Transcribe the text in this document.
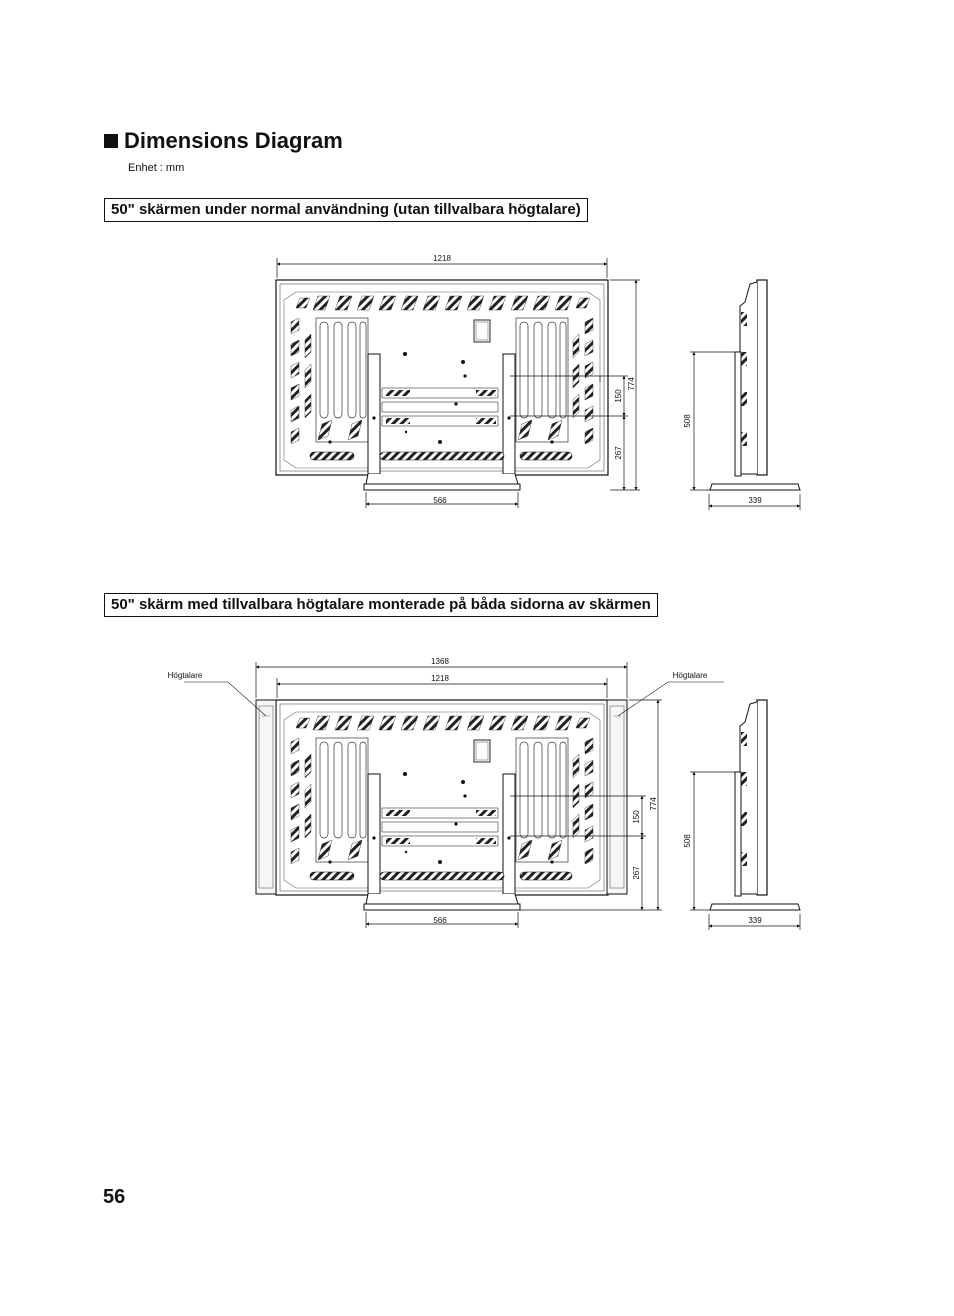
Dimensions Diagram
Enhet : mm
50" skärmen under normal användning (utan tillvalbara högtalare)
50" skärm med tillvalbara högtalare monterade på båda sidorna av skärmen
1218
566
774
150
267
508
339
1368
1218
566
774
150
267
508
339
Högtalare	Högtalare
56
